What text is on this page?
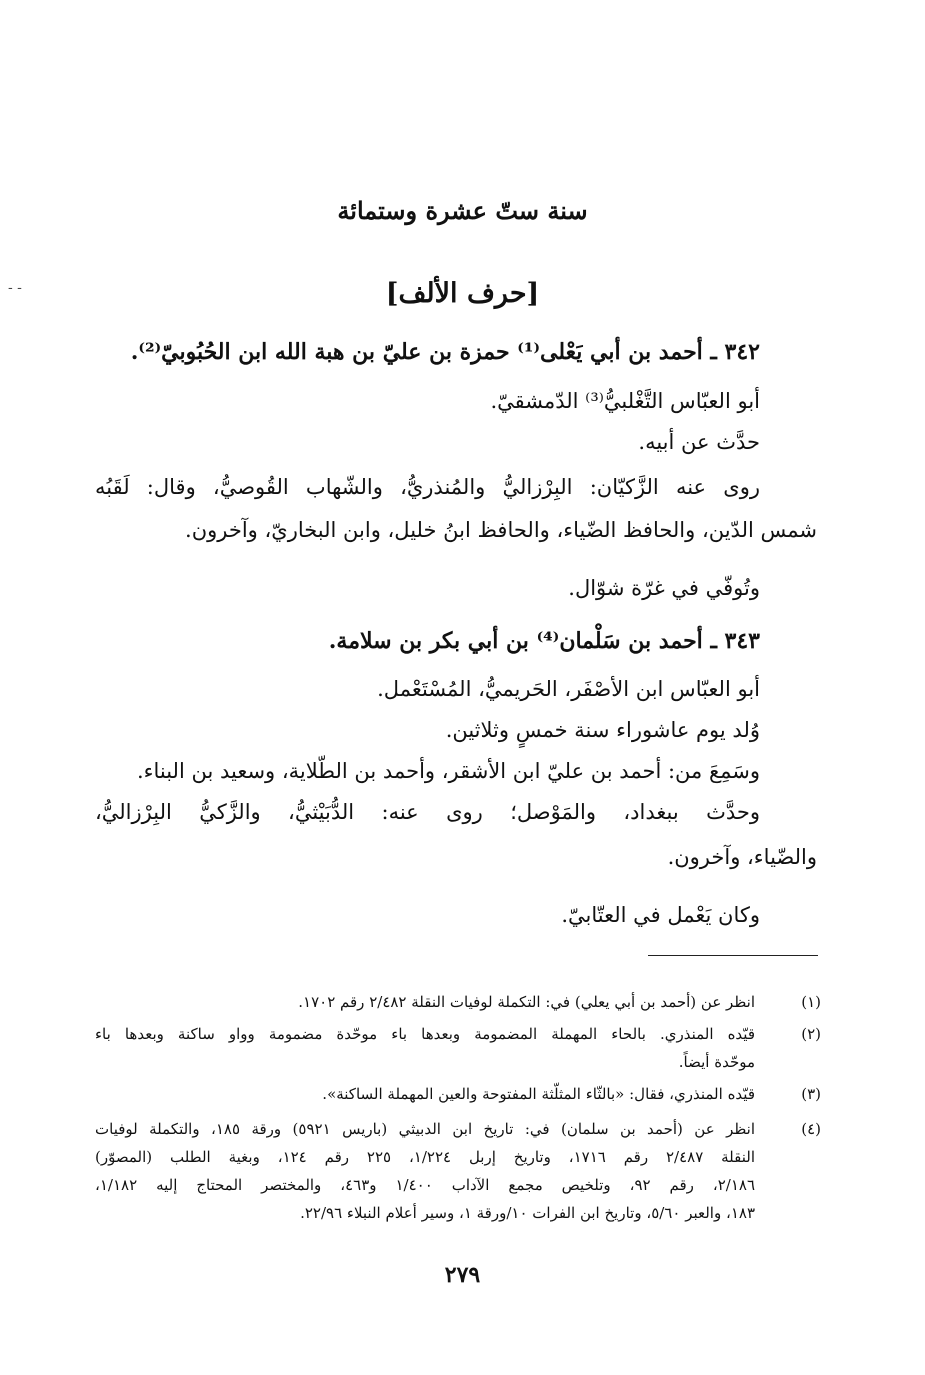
سنة ستّ عشرة وستمائة
- -	[حرف الألف]
٣٤٢ ـ أحمد بن أبي يَعْلى⁽¹⁾ حمزة بن عليّ بن هبة الله ابن الحُبُوبيّ⁽²⁾.
أبو العبّاس التَّغْلبيُّ⁽³⁾ الدّمشقيّ.
حدَّث عن أبيه.
روى عنه الزَّكيّان: البِرْزاليُّ والمُنذريُّ، والشّهاب القُوصيُّ، وقال: لَقَبُه
شمس الدّين، والحافظ الضّياء، والحافظ ابنُ خليل، وابن البخاريّ، وآخرون.
وتُوفّي في غرّة شوّال.
٣٤٣ ـ أحمد بن سَلْمان⁽⁴⁾ بن أبي بكر بن سلامة.
أبو العبّاس ابن الأصْفَر، الحَريميُّ، المُسْتَعْمل.
وُلد يوم عاشوراء سنة خمسٍ وثلاثين.
وسَمِعَ من: أحمد بن عليّ ابن الأشقر، وأحمد بن الطّلاية، وسعيد بن البناء.
وحدَّث ببغداد، والمَوْصل؛ روى عنه: الدُّبَيْثيُّ، والزَّكيُّ البِرْزاليُّ،
والضّياء، وآخرون.
وكان يَعْمل في العتّابيّ.
(١)
انظر عن (أحمد بن أبي يعلي) في: التكملة لوفيات النقلة ٢/٤٨٢ رقم ١٧٠٢.
(٢)
قيّده المنذري. بالحاء المهملة المضمومة وبعدها باء موحّدة مضمومة وواو ساكنة وبعدها باء
موحّدة أيضاً.
(٣)
قيّده المنذري، فقال: «بالثّاء المثلّثة المفتوحة والعين المهملة الساكنة».
(٤)
انظر عن (أحمد بن سلمان) في: تاريخ ابن الدبيثي (باريس ٥٩٢١) ورقة ١٨٥، والتكملة لوفيات
النقلة ٢/٤٨٧ رقم ١٧١٦، وتاريخ إربل ١/٢٢٤، ٢٢٥ رقم ١٢٤، وبغية الطلب (المصوّر)
٢/١٨٦، رقم ٩٢، وتلخيص مجمع الآداب ١/٤٠٠ و٤٦٣، والمختصر المحتاج إليه ١/١٨٢،
١٨٣، والعبر ٥/٦٠، وتاريخ ابن الفرات ١٠/ورقة ١، وسير أعلام النبلاء ٢٢/٩٦.
٢٧٩
